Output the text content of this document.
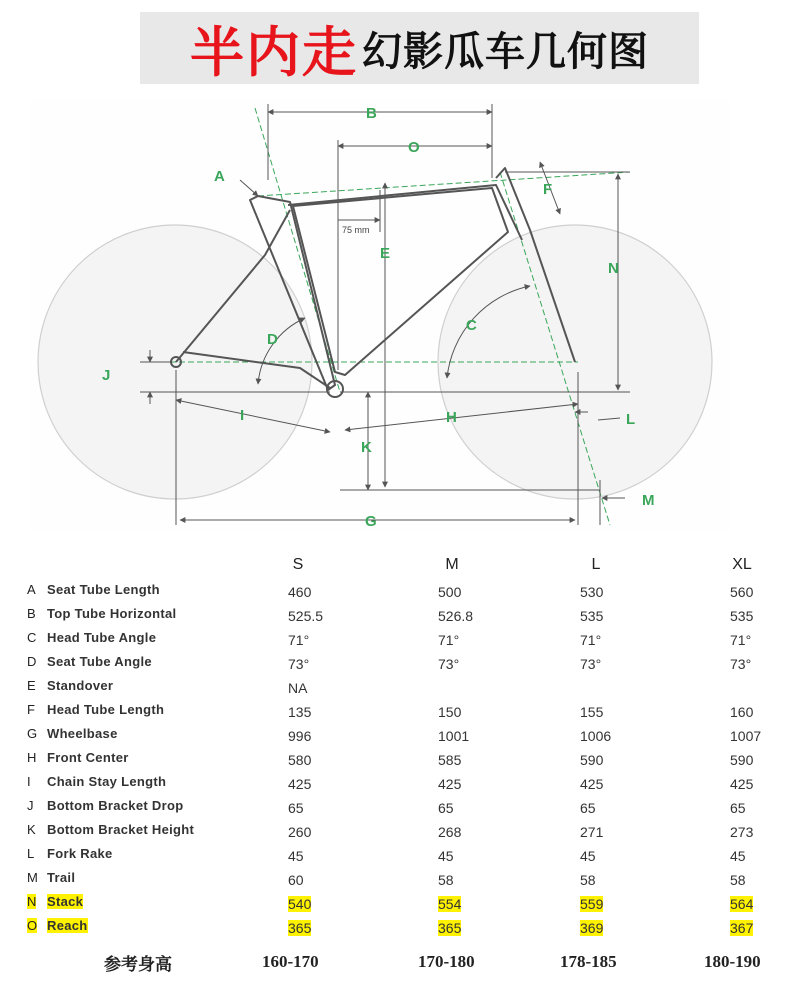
半内走 幻影瓜车几何图
A
B
O
F
E
N
C
D
J
I	H	L
K
M
G
75 mm
S	M	L	XL
A Seat Tube Length	460	500	530	560
B Top Tube Horizontal	525.5	526.8	535	535
C Head Tube Angle	71°	71°	71°	71°
D Seat Tube Angle	73°	73°	73°	73°
E Standover	NA
F Head Tube Length	135	150	155	160
G Wheelbase	996	1001	1006	1007
H Front Center	580	585	590	590
I Chain Stay Length	425	425	425	425
J Bottom Bracket Drop	65	65	65	65
K Bottom Bracket Height	260	268	271	273
L Fork Rake	45	45	45	45
M Trail	60	58	58	58
N Stack	540	554	559	564
O Reach	365	365	369	367
参考身高	160-170	170-180	178-185	180-190
